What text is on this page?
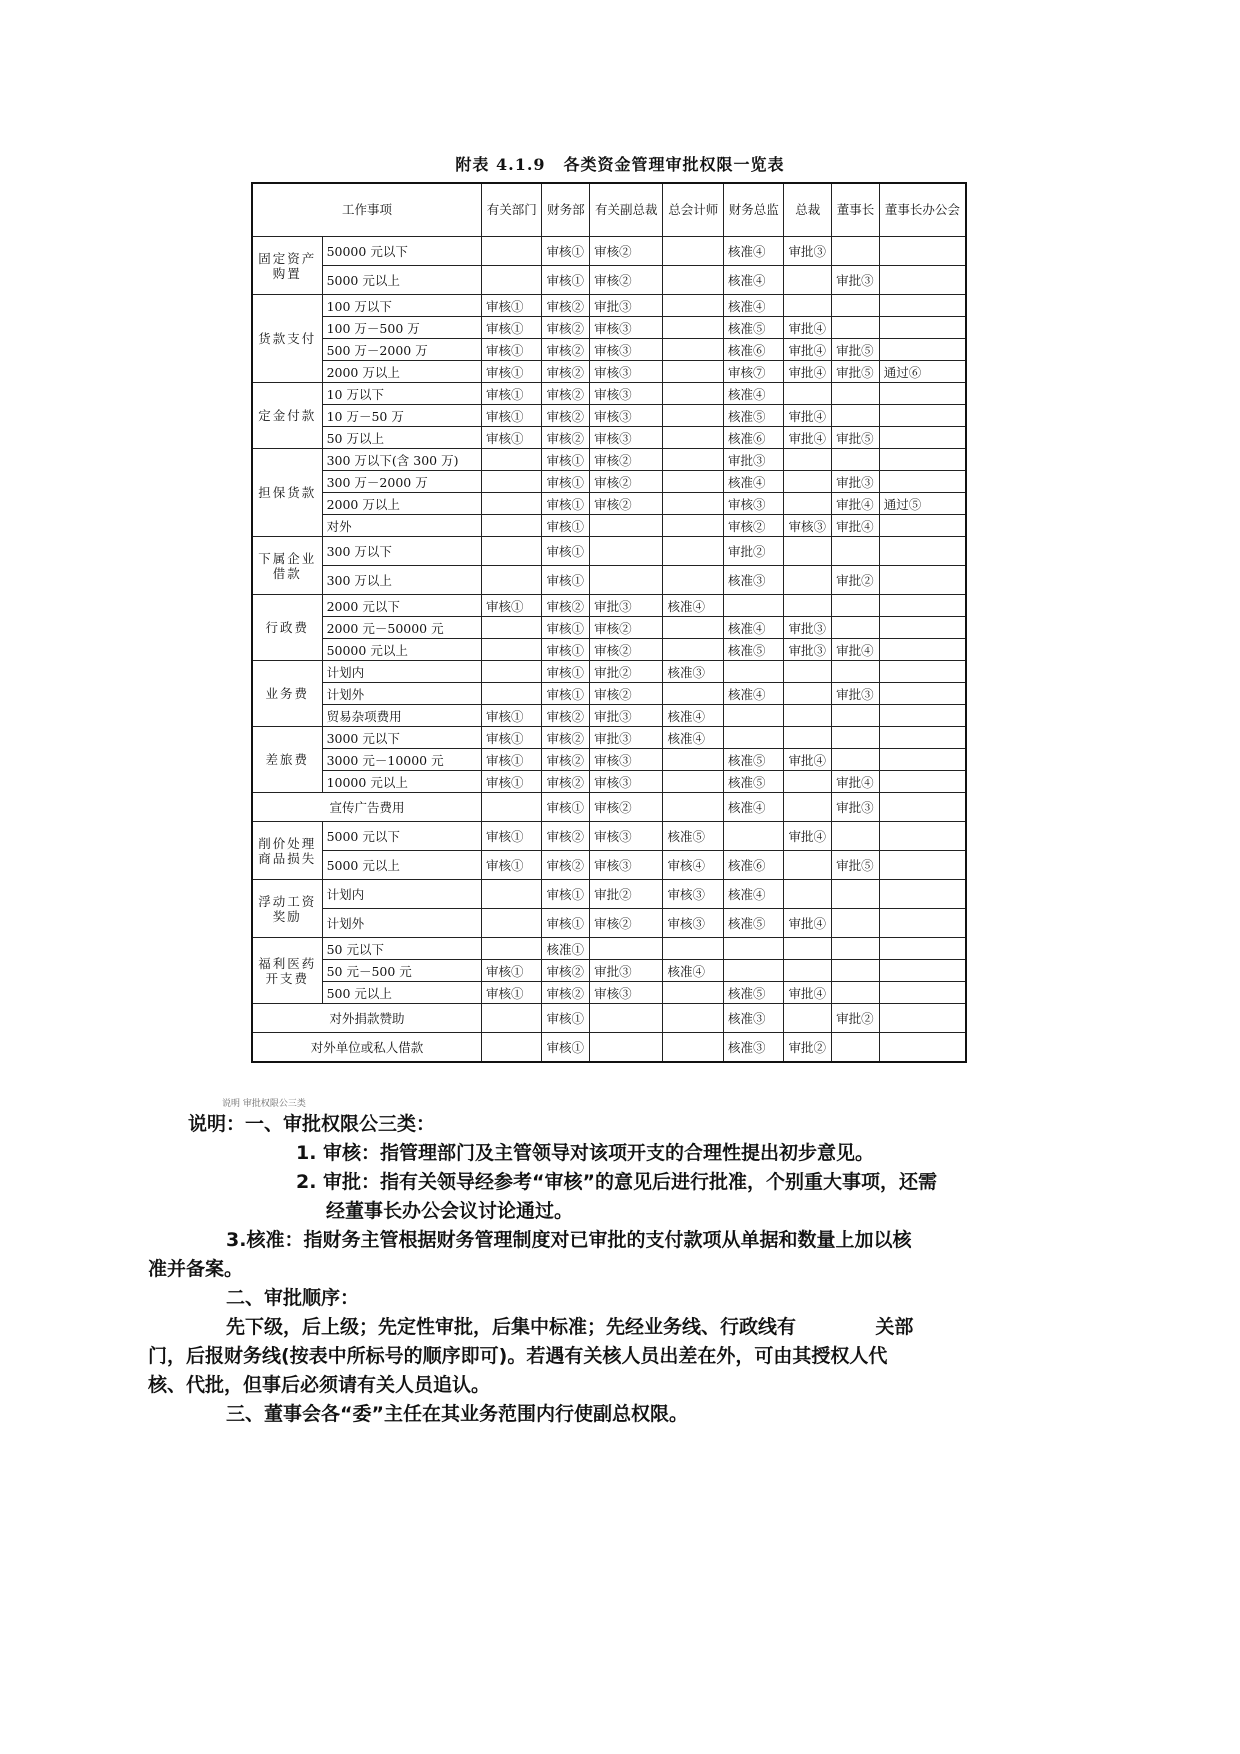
附表 4.1.9 各类资金管理审批权限一览表
工作事项		有关部门	财务部	有关副总裁	总会计师	财务总监	总裁	董事长	董事长办公会
固定资产购置	50000 元以下		审核①	审核②		核准④	审批③		
	5000 元以上		审核①	审核②		核准④		审批③	
货款支付	100 万以下	审核①	审核②	审批③		核准④			
	100 万－500 万	审核①	审核②	审核③		核准⑤	审批④		
	500 万－2000 万	审核①	审核②	审核③		核准⑥	审批④	审批⑤	
	2000 万以上	审核①	审核②	审核③		审核⑦	审批④	审批⑤	通过⑥
定金付款	10 万以下	审核①	审核②	审核③		核准④			
	10 万－50 万	审核①	审核②	审核③		核准⑤	审批④		
	50 万以上	审核①	审核②	审核③		核准⑥	审批④	审批⑤	
担保货款	300 万以下(含 300 万)		审核①	审核②		审批③			
	300 万－2000 万		审核①	审核②		核准④		审批③	
	2000 万以上		审核①	审核②		审核③		审批④	通过⑤
	对外		审核①			审核②	审核③	审批④	
下属企业借款	300 万以下		审核①			审批②			
	300 万以上		审核①			核准③		审批②	
行政费	2000 元以下	审核①	审核②	审批③	核准④				
	2000 元－50000 元		审核①	审核②		核准④	审批③		
	50000 元以上		审核①	审核②		核准⑤	审批③	审批④	
业务费	计划内		审核①	审批②	核准③				
	计划外		审核①	审核②		核准④		审批③	
	贸易杂项费用	审核①	审核②	审批③	核准④				
差旅费	3000 元以下	审核①	审核②	审批③	核准④				
	3000 元－10000 元	审核①	审核②	审核③		核准⑤	审批④		
	10000 元以上	审核①	审核②	审核③		核准⑤		审批④	
宣传广告费用			审核①	审核②		核准④		审批③	
削价处理商品损失	5000 元以下	审核①	审核②	审核③	核准⑤		审批④		
	5000 元以上	审核①	审核②	审核③	审核④	核准⑥		审批⑤	
浮动工资奖励	计划内		审核①	审批②	审核③	核准④			
	计划外		审核①	审核②	审核③	核准⑤	审批④		
福利医药开支费	50 元以下		核准①						
	50 元－500 元	审核①	审核②	审批③	核准④				
	500 元以上	审核①	审核②	审核③		核准⑤	审批④		
对外捐款赞助			审核①			核准③		审批②	
对外单位或私人借款			审核①			核准③	审批②		
说明 审批权限公三类

说明：一、审批权限公三类：

1. 审核：指管理部门及主管领导对该项开支的合理性提出初步意见。

2. 审批：指有关领导经参考“审核”的意见后进行批准，个别重大事项，还需

经董事长办公会议讨论通过。

3.核准：指财务主管根据财务管理制度对已审批的支付款项从单据和数量上加以核

准并备案。

二、审批顺序：

先下级，后上级；先定性审批，后集中标准；先经业务线、行政线有            关部

门，后报财务线(按表中所标号的顺序即可)。若遇有关核人员出差在外，可由其授权人代

核、代批，但事后必须请有关人员追认。

三、董事会各“委”主任在其业务范围内行使副总权限。
